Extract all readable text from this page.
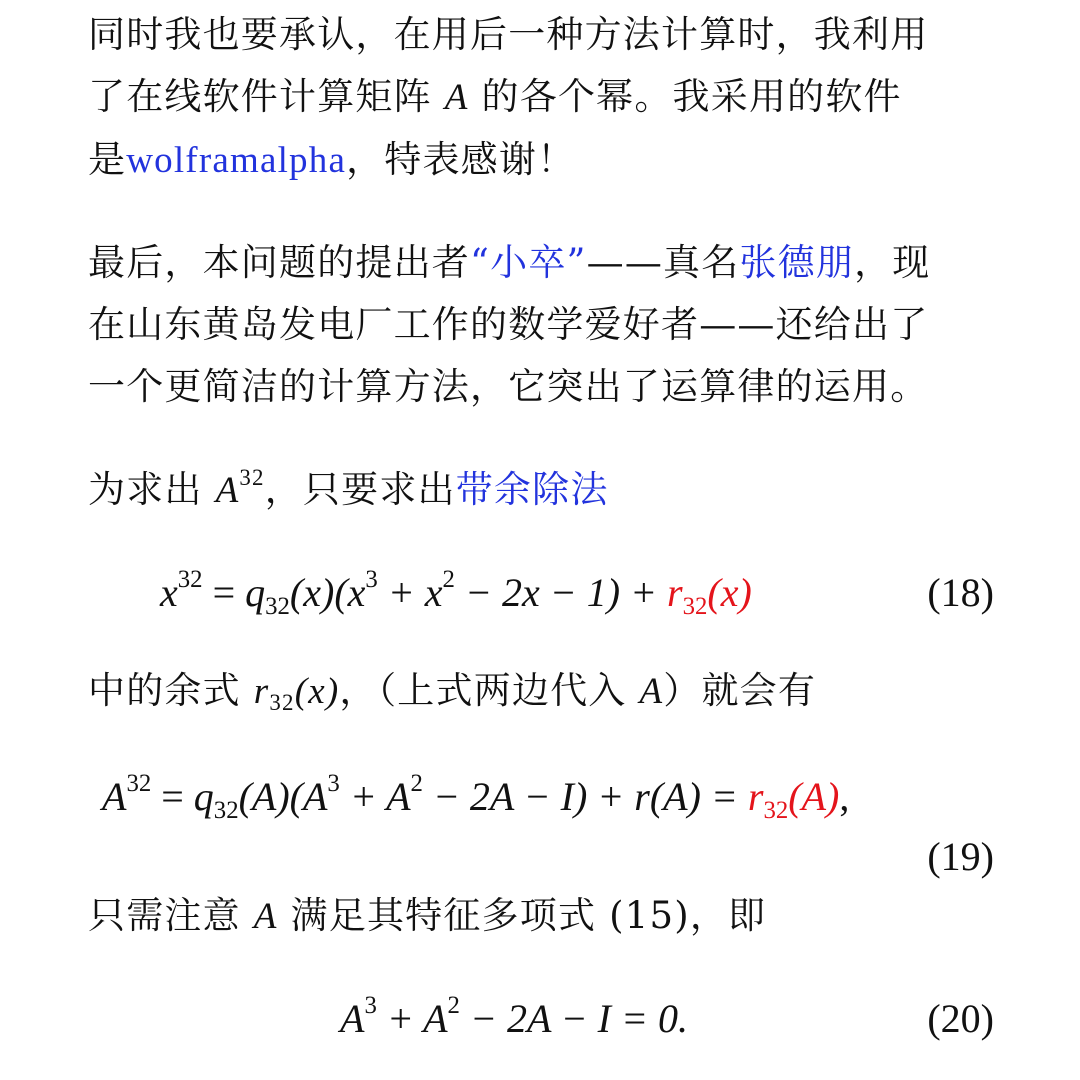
同时我也要承认，在用后一种方法计算时，我利用
了在线软件计算矩阵 A 的各个幂。我采用的软件
是wolframalpha，特表感谢！
最后，本问题的提出者“小卒”——真名张德朋，现
在山东黄岛发电厂工作的数学爱好者——还给出了
一个更简洁的计算方法，它突出了运算律的运用。
为求出 $A^{32}$，只要求出带余除法
$x^{32} = q_{32}(x)(x^3 + x^2 - 2x - 1) + r_{32}(x)$	(18)
中的余式 $r_{32}(x)$，（上式两边代入 A）就会有
$A^{32} = q_{32}(A)(A^3 + A^2 - 2A - I) + r(A) = r_{32}(A)$,
(19)
只需注意 A 满足其特征多项式 (15)，即
$A^3 + A^2 - 2A - I = 0$.	(20)
